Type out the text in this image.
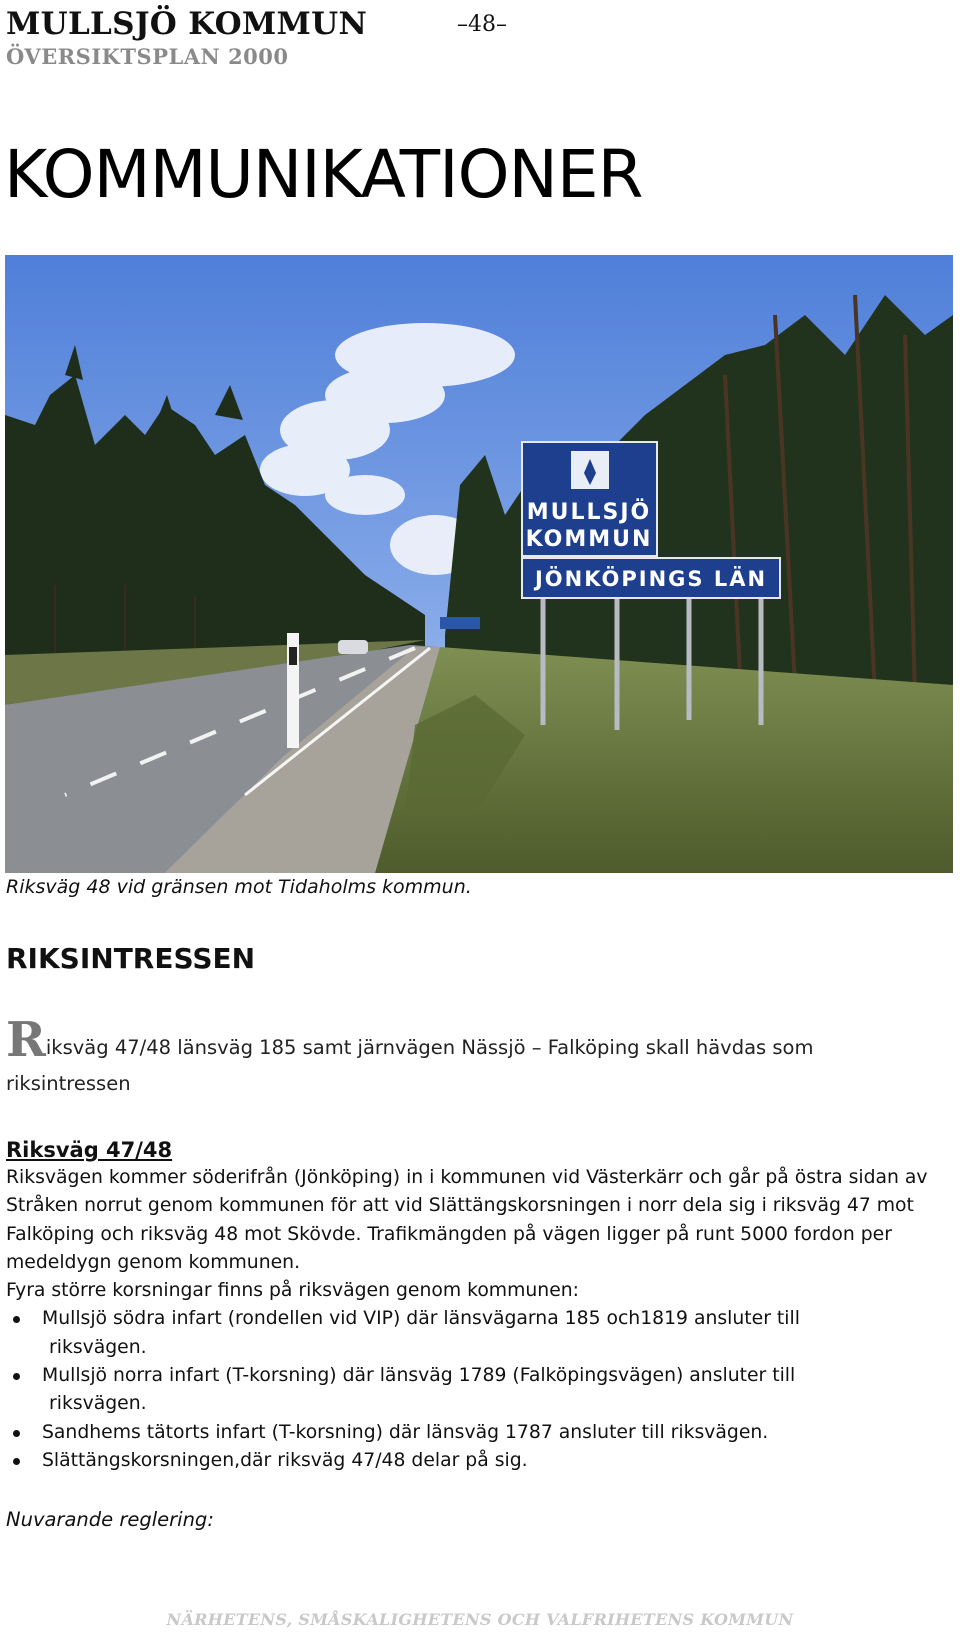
MULLSJÖ KOMMUN
ÖVERSIKTSPLAN 2000
–48–
KOMMUNIKATIONER
MULLSJÖ
KOMMUN
JÖNKÖPINGS LÄN
Riksväg 48 vid gränsen mot Tidaholms kommun.
RIKSINTRESSEN
Riksväg 47/48 länsväg 185 samt järnvägen Nässjö – Falköping skall hävdas som riksintressen
Riksväg 47/48

Riksvägen kommer söderifrån (Jönköping) in i kommunen vid Västerkärr och går på östra sidan av Stråken norrut genom kommunen för att vid Slättängskorsningen i norr dela sig i riksväg 47 mot Falköping och riksväg 48 mot Skövde. Trafikmängden på vägen ligger på runt 5000 fordon per medeldygn genom kommunen.

Fyra större korsningar finns på riksvägen genom kommunen:

Mullsjö södra infart (rondellen vid VIP) där länsvägarna 185 och1819 ansluter till
riksvägen.
Mullsjö norra infart (T-korsning) där länsväg 1789 (Falköpingsvägen) ansluter till
riksvägen.
Sandhems tätorts infart (T-korsning) där länsväg 1787 ansluter till riksvägen.
Slättängskorsningen,där riksväg 47/48 delar på sig.
Nuvarande reglering:
NÄRHETENS, SMÅSKALIGHETENS OCH VALFRIHETENS KOMMUN
